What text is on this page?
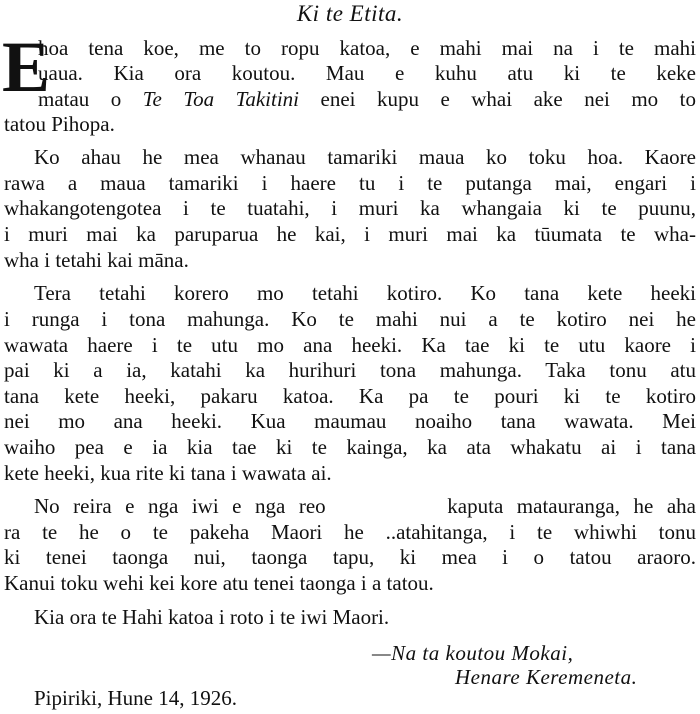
Ki te Etita.
E
hoa tena koe, me to ropu katoa, e mahi mai na i te mahi
uaua. Kia ora koutou. Mau e kuhu atu ki te keke
matau o Te Toa Takitini enei kupu e whai ake nei mo to
tatou Pihopa.
Ko ahau he mea whanau tamariki maua ko toku hoa. Kaore
rawa a maua tamariki i haere tu i te putanga mai, engari i
whakangotengotea i te tuatahi, i muri ka whangaia ki te puunu,
i muri mai ka paruparua he kai, i muri mai ka tūumata te wha-
wha i tetahi kai māna.
Tera tetahi korero mo tetahi kotiro. Ko tana kete heeki
i runga i tona mahunga. Ko te mahi nui a te kotiro nei he
wawata haere i te utu mo ana heeki. Ka tae ki te utu kaore i
pai ki a ia, katahi ka hurihuri tona mahunga. Taka tonu atu
tana kete heeki, pakaru katoa. Ka pa te pouri ki te kotiro
nei mo ana heeki. Kua maumau noaiho tana wawata. Mei
waiho pea e ia kia tae ki te kainga, ka ata whakatu ai i tana
kete heeki, kua rite ki tana i wawata ai.
No reira e nga iwi e nga reo         kaputa matauranga, he aha
ra te he o te pakeha Maori he ..atahitanga, i te whiwhi tonu
ki tenei taonga nui, taonga tapu, ki mea i o tatou araoro.
Kanui toku wehi kei kore atu tenei taonga i a tatou.
Kia ora te Hahi katoa i roto i te iwi Maori.
—Na ta koutou Mokai,
Henare Keremeneta.
Pipiriki, Hune 14, 1926.
